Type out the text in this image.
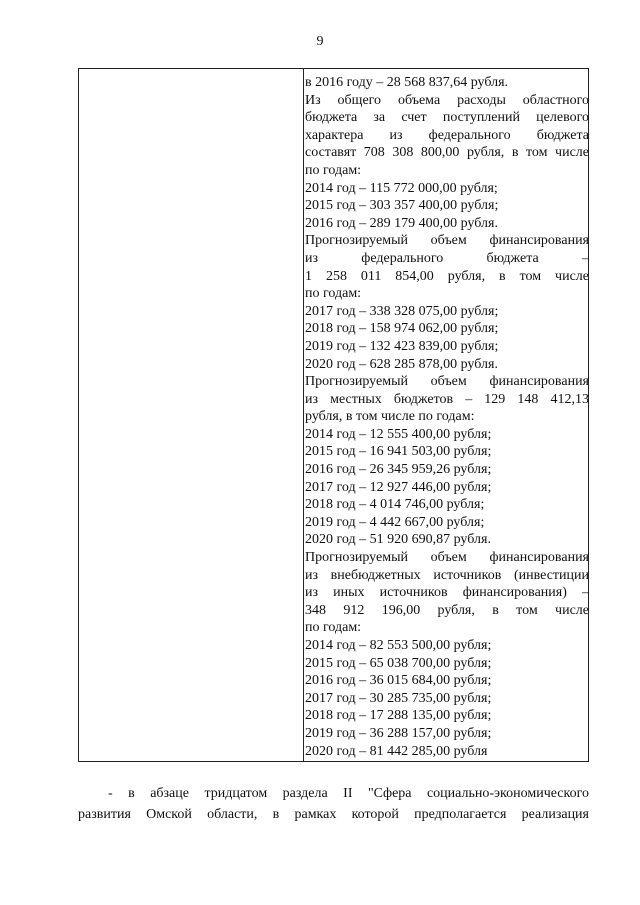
9
в 2016 году – 28 568 837,64 рубля.
Из общего объема расходы областного
бюджета за счет поступлений целевого
характера из федерального бюджета
составят 708 308 800,00 рубля, в том числе
по годам:
2014 год – 115 772 000,00 рубля;
2015 год – 303 357 400,00 рубля;
2016 год – 289 179 400,00 рубля.
Прогнозируемый объем финансирования
из федерального бюджета –
1 258 011 854,00 рубля, в том числе
по годам:
2017 год – 338 328 075,00 рубля;
2018 год – 158 974 062,00 рубля;
2019 год – 132 423 839,00 рубля;
2020 год – 628 285 878,00 рубля.
Прогнозируемый объем финансирования
из местных бюджетов – 129 148 412,13
рубля, в том числе по годам:
2014 год – 12 555 400,00 рубля;
2015 год – 16 941 503,00 рубля;
2016 год – 26 345 959,26 рубля;
2017 год – 12 927 446,00 рубля;
2018 год – 4 014 746,00 рубля;
2019 год – 4 442 667,00 рубля;
2020 год – 51 920 690,87 рубля.
Прогнозируемый объем финансирования
из внебюджетных источников (инвестиции
из иных источников финансирования) –
348 912 196,00 рубля, в том числе
по годам:
2014 год – 82 553 500,00 рубля;
2015 год – 65 038 700,00 рубля;
2016 год – 36 015 684,00 рубля;
2017 год – 30 285 735,00 рубля;
2018 год – 17 288 135,00 рубля;
2019 год – 36 288 157,00 рубля;
2020 год – 81 442 285,00 рубля
- в абзаце тридцатом раздела II "Сфера социально-экономического
развития Омской области, в рамках которой предполагается реализация
